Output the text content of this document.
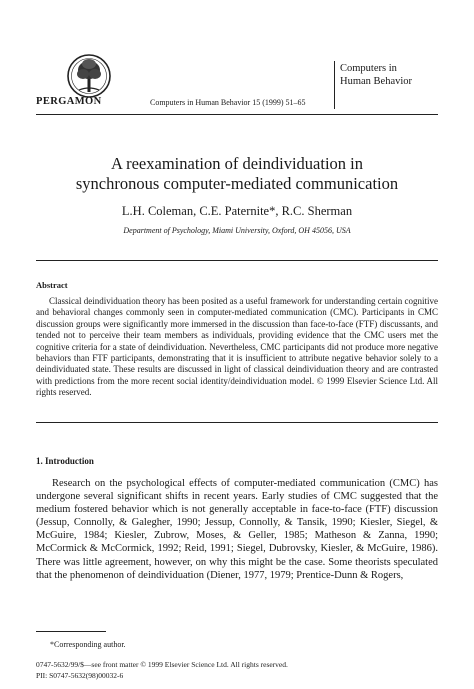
PERGAMON	Computers in Human Behavior 15 (1999) 51–65
Computers in
Human Behavior
A reexamination of deindividuation in
synchronous computer-mediated communication
L.H. Coleman, C.E. Paternite*, R.C. Sherman
Department of Psychology, Miami University, Oxford, OH 45056, USA
Abstract

Classical deindividuation theory has been posited as a useful framework for understanding certain cognitive and behavioral changes commonly seen in computer-mediated communication (CMC). Participants in CMC discussion groups were significantly more immersed in the discussion than face-to-face (FTF) discussants, and tended not to perceive their team members as individuals, providing evidence that the CMC users met the cognitive criteria for a state of deindividuation. Nevertheless, CMC participants did not produce more negative behaviors than FTF participants, demonstrating that it is insufficient to attribute negative behavior solely to a deindividuated state. These results are discussed in light of classical deindividuation theory and are contrasted with predictions from the more recent social identity/deindividuation model. © 1999 Elsevier Science Ltd. All rights reserved.

1. Introduction

Research on the psychological effects of computer-mediated communication (CMC) has undergone several significant shifts in recent years. Early studies of CMC suggested that the medium fostered behavior which is not generally acceptable in face-to-face (FTF) discussion (Jessup, Connolly, & Galegher, 1990; Jessup, Connolly, & Tansik, 1990; Kiesler, Siegel, & McGuire, 1984; Kiesler, Zubrow, Moses, & Geller, 1985; Matheson & Zanna, 1990; McCormick & McCormick, 1992; Reid, 1991; Siegel, Dubrovsky, Kiesler, & McGuire, 1986). There was little agreement, however, on why this might be the case. Some theorists speculated that the phenomenon of deindividuation (Diener, 1977, 1979; Prentice-Dunn & Rogers,

*Corresponding author.
0747-5632/99/$—see front matter © 1999 Elsevier Science Ltd. All rights reserved.
PII: S0747-5632(98)00032-6
